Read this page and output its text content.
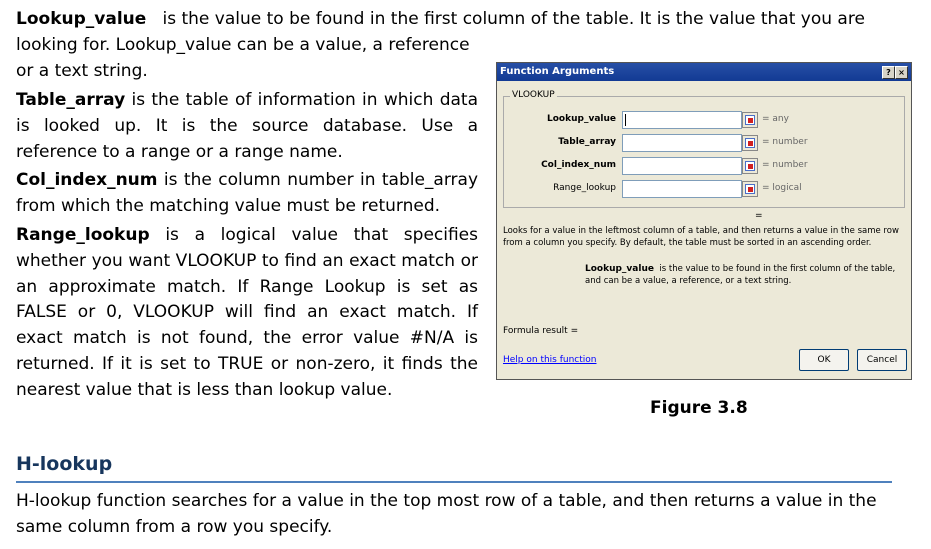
Lookup_value is the value to be found in the first column of the table. It is the value that you are
looking for. Lookup_value can be a value, a reference or a text string.

Table_array is the table of information in which data is looked up. It is the source database. Use a reference to a range or a range name.

Col_index_num is the column number in table_array from which the matching value must be returned.

Range_lookup is a logical value that specifies whether you want VLOOKUP to find an exact match or an approximate match. If Range Lookup is set as FALSE or 0, VLOOKUP will find an exact match. If exact match is not found, the error value #N/A is returned. If it is set to TRUE or non-zero, it finds the nearest value that is less than lookup value.

Function Arguments	? ×
VLOOKUP
Lookup_value	= any
Table_array	= number
Col_index_num	= number
Range_lookup	= logical
=
Looks for a value in the leftmost column of a table, and then returns a value in the same row from a column you specify. By default, the table must be sorted in an ascending order.
Lookup_value is the value to be found in the first column of the table, and can be a value, a reference, or a text string.
Formula result =
Help on this function	OK	Cancel
Figure 3.8
H-lookup
H-lookup function searches for a value in the top most row of a table, and then returns a value in the same column from a row you specify.
